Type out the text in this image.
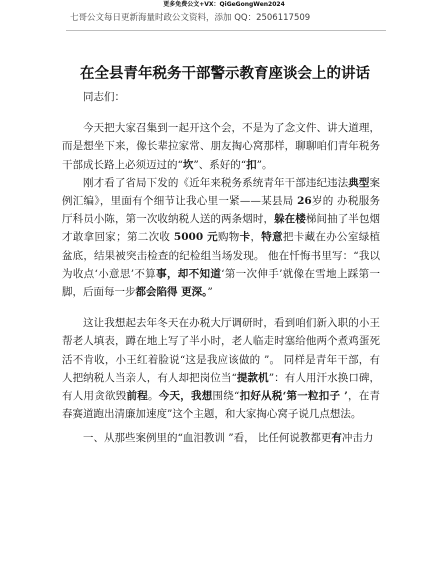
更多免费公文+VX：QiGeGongWen2024
七哥公文每日更新海量时政公文资料，添加 QQ：2506117509
在全县青年税务干部警示教育座谈会上的讲话

同志们：

今天把大家召集到一起开这个会，不是为了念文件、讲大道理，而是想坐下来，像长辈拉家常、朋友掏心窝那样，聊聊咱们青年税务干部成长路上必须迈过的“坎”、系好的“扣”。

刚才看了省局下发的《近年来税务系统青年干部违纪违法典型案例汇编》，里面有个细节让我心里一紧——某县局 26岁的 办税服务厅科员小陈，第一次收纳税人送的两条烟时，躲在楼梯间抽了半包烟才敢拿回家；第二次收 5000 元购物卡，特意把卡藏在办公室绿植盆底，结果被突击检查的纪检组当场发现。 他在忏悔书里写：“我以为收点‘小意思’不算事，却不知道‘第一次伸手’就像在雪地上踩第一脚，后面每一步都会陷得 更深。”

这让我想起去年冬天在办税大厅调研时，看到咱们新入职的小王帮老人填表，蹲在地上写了半小时，老人临走时塞给他两个煮鸡蛋死活不肯收，小王红着脸说“这是我应该做的 ”。 同样是青年干部，有人把纳税人当亲人，有人却把岗位当“提款机”：有人用汗水换口碑，有人用贪欲毁前程。今天，我想围绕“扣好从税‘第一粒扣子 ’，在青春赛道跑出清廉加速度”这个主题，和大家掏心窝子说几点想法。

一、从那些案例里的“血泪教训 ”看， 比任何说教都更有冲击力
